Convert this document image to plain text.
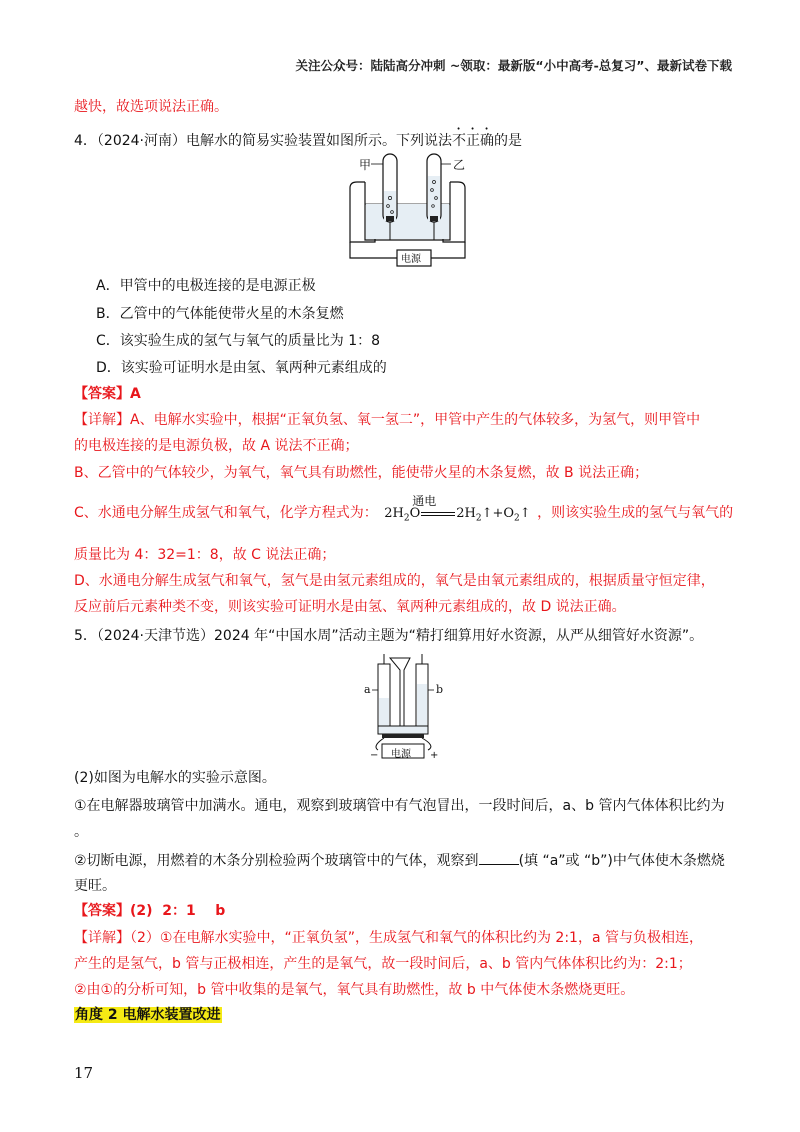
关注公众号：陆陆高分冲刺 ~领取：最新版“小中高考-总复习”、最新试卷下载
越快，故选项说法正确。
4．（2024·河南）电解水的简易实验装置如图所示。下列说法不正确的是
甲	乙
电源
A．甲管中的电极连接的是电源正极
B．乙管中的气体能使带火星的木条复燃
C．该实验生成的氢气与氧气的质量比为 1：8
D．该实验可证明水是由氢、氧两种元素组成的
【答案】A
【详解】A、电解水实验中，根据“正氧负氢、氧一氢二”，甲管中产生的气体较多，为氢气，则甲管中
的电极连接的是电源负极，故 A 说法不正确；
B、乙管中的气体较少，为氧气，氧气具有助燃性，能使带火星的木条复燃，故 B 说法正确；
C、水通电分解生成氢气和氧气，化学方程式为：
通电
$2H_2O$	$2H_2↑+O_2↑$ ，则该实验生成的氢气与氧气的
质量比为 4：32=1：8，故 C 说法正确；
D、水通电分解生成氢气和氧气，氢气是由氢元素组成的，氧气是由氧元素组成的，根据质量守恒定律，
反应前后元素种类不变，则该实验可证明水是由氢、氧两种元素组成的，故 D 说法正确。
5．（2024·天津节选）2024 年“中国水周”活动主题为“精打细算用好水资源，从严从细管好水资源”。
a	b
电源
−	+
(2)如图为电解水的实验示意图。
①在电解器玻璃管中加满水。通电，观察到玻璃管中有气泡冒出，一段时间后，a、b 管内气体体积比约为
。
②切断电源，用燃着的木条分别检验两个玻璃管中的气体，观察到	(填 “a”或 “b”)中气体使木条燃烧
更旺。
【答案】(2)  2：1    b
【详解】（2）①在电解水实验中，“正氧负氢”，生成氢气和氧气的体积比约为 2:1，a 管与负极相连，
产生的是氢气，b 管与正极相连，产生的是氧气，故一段时间后，a、b 管内气体体积比约为：2:1；
②由①的分析可知，b 管中收集的是氧气，氧气具有助燃性，故 b 中气体使木条燃烧更旺。
角度 2 电解水装置改进
17
